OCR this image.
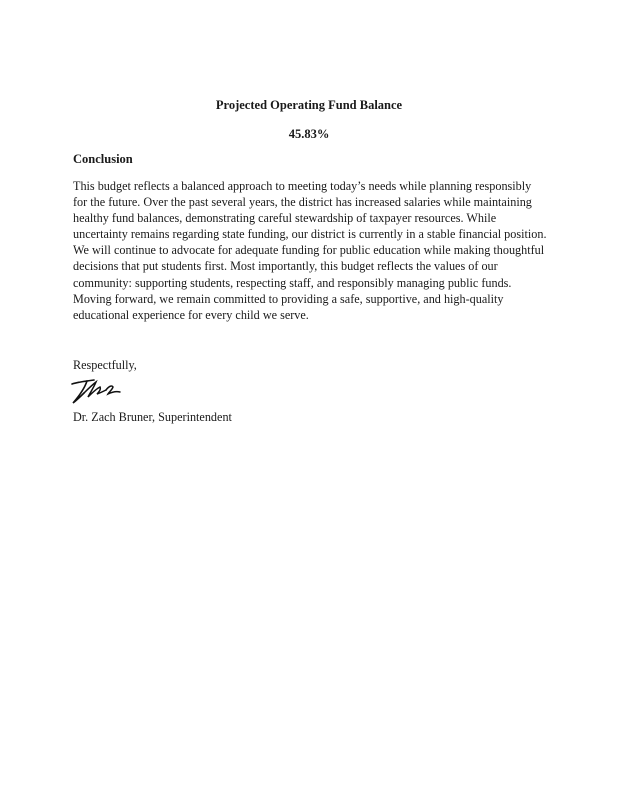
Projected Operating Fund Balance
45.83%
Conclusion
This budget reflects a balanced approach to meeting today’s needs while planning responsibly
for the future. Over the past several years, the district has increased salaries while maintaining
healthy fund balances, demonstrating careful stewardship of taxpayer resources. While
uncertainty remains regarding state funding, our district is currently in a stable financial position.
We will continue to advocate for adequate funding for public education while making thoughtful
decisions that put students first. Most importantly, this budget reflects the values of our
community: supporting students, respecting staff, and responsibly managing public funds.
Moving forward, we remain committed to providing a safe, supportive, and high-quality
educational experience for every child we serve.
Respectfully,
Dr. Zach Bruner, Superintendent
